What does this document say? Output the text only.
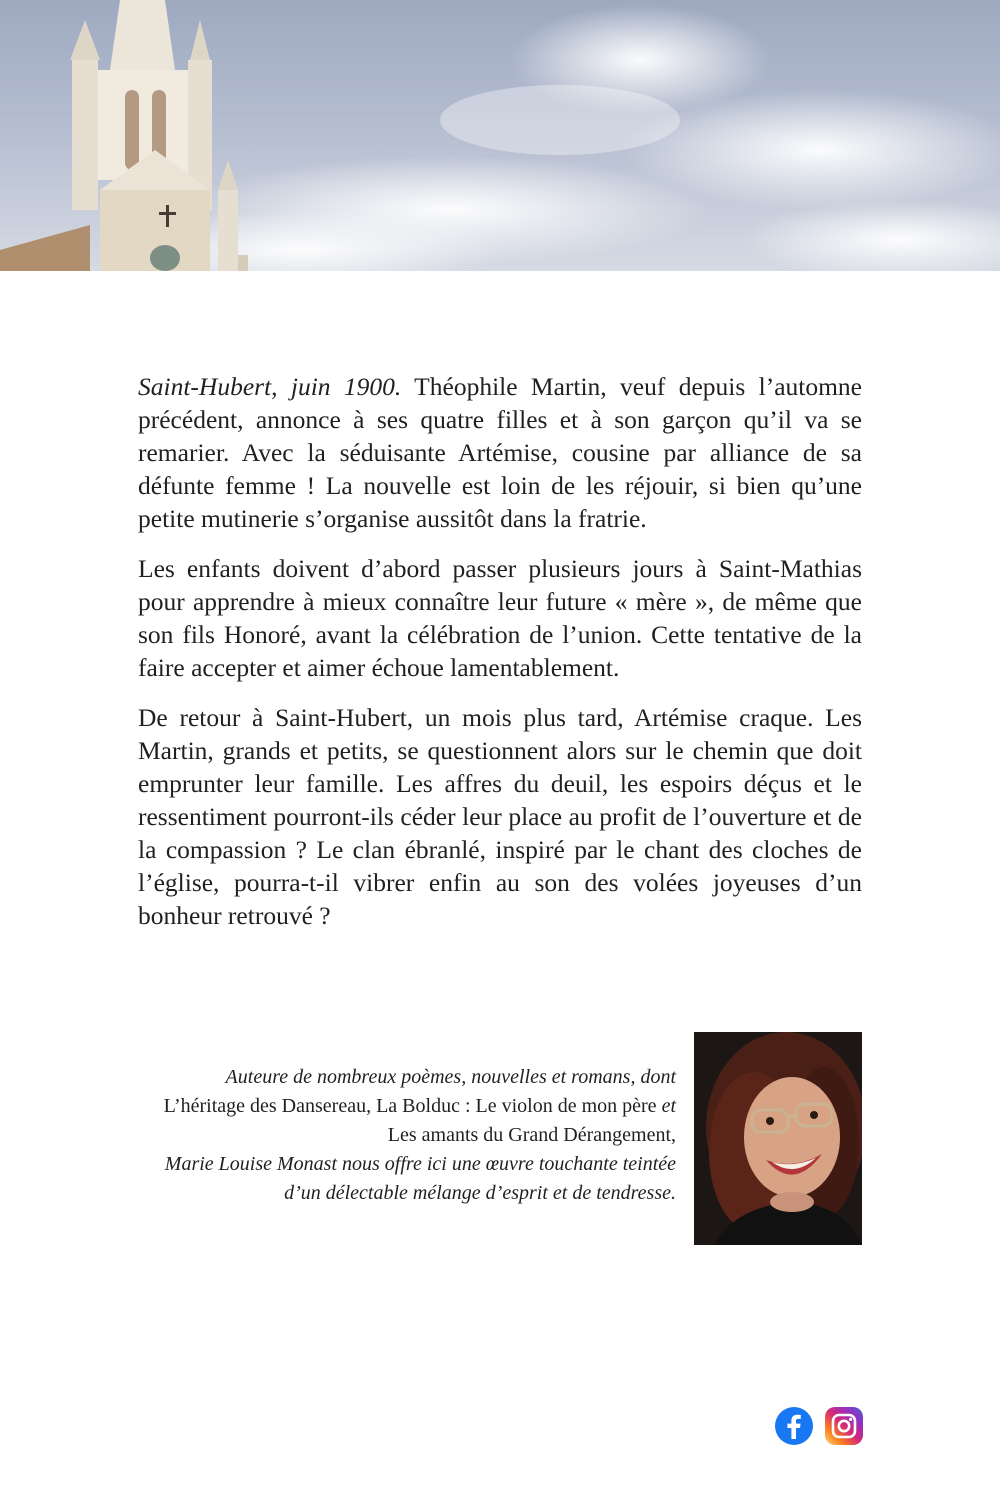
Saint-Hubert, juin 1900. Théophile Martin, veuf depuis l’automne précédent, annonce à ses quatre filles et à son garçon qu’il va se remarier. Avec la séduisante Artémise, cousine par alliance de sa défunte femme ! La nouvelle est loin de les réjouir, si bien qu’une petite mutinerie s’organise aussitôt dans la fratrie.

Les enfants doivent d’abord passer plusieurs jours à Saint-Mathias pour apprendre à mieux connaître leur future « mère », de même que son fils Honoré, avant la célébration de l’union. Cette tentative de la faire accepter et aimer échoue lamentablement.

De retour à Saint-Hubert, un mois plus tard, Artémise craque. Les Martin, grands et petits, se questionnent alors sur le chemin que doit emprunter leur famille. Les affres du deuil, les espoirs déçus et le ressentiment pourront-ils céder leur place au profit de l’ouverture et de la compassion ? Le clan ébranlé, inspiré par le chant des cloches de l’église, pourra-t-il vibrer enfin au son des volées joyeuses d’un bonheur retrouvé ?

Auteure de nombreux poèmes, nouvelles et romans, dont
L’héritage des Dansereau, La Bolduc : Le violon de mon père et Les amants du Grand Dérangement,
Marie Louise Monast nous offre ici une œuvre touchante teintée d’un délectable mélange d’esprit et de tendresse.
